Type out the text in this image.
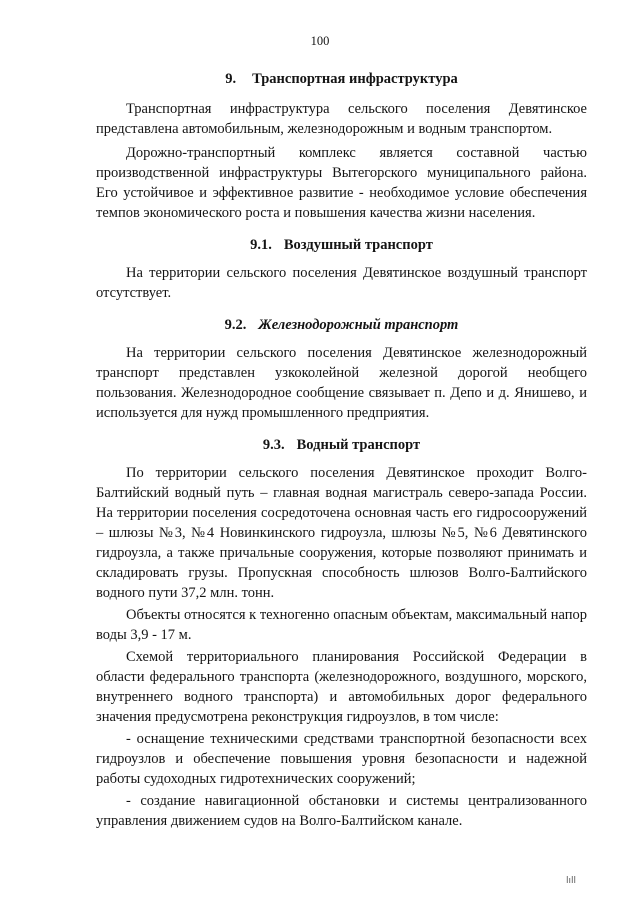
100
9. Транспортная инфраструктура

Транспортная инфраструктура сельского поселения Девятинское представлена автомобильным, железнодорожным и водным транспортом.

Дорожно-транспортный комплекс является составной частью производственной инфраструктуры Вытегорского муниципального района. Его устойчивое и эффективное развитие - необходимое условие обеспечения темпов экономического роста и повышения качества жизни населения.

9.1. Воздушный транспорт

На территории сельского поселения Девятинское воздушный транспорт отсутствует.

9.2. Железнодорожный транспорт

На территории сельского поселения Девятинское железнодорожный транспорт представлен узкоколейной железной дорогой необщего пользования. Железнодородное сообщение связывает п. Депо и д. Янишево, и используется для нужд промышленного предприятия.

9.3. Водный транспорт

По территории сельского поселения Девятинское проходит Волго-Балтийский водный путь – главная водная магистраль северо-запада России. На территории поселения сосредоточена основная часть его гидросооружений – шлюзы №3, №4 Новинкинского гидроузла, шлюзы №5, №6 Девятинского гидроузла, а также причальные сооружения, которые позволяют принимать и складировать грузы. Пропускная способность шлюзов Волго-Балтийского водного пути 37,2 млн. тонн.

Объекты относятся к техногенно опасным объектам, максимальный напор воды 3,9 - 17 м.

Схемой территориального планирования Российской Федерации в области федерального транспорта (железнодорожного, воздушного, морского, внутреннего водного транспорта) и автомобильных дорог федерального значения предусмотрена реконструкция гидроузлов, в том числе:

- оснащение техническими средствами транспортной безопасности всех гидроузлов и обеспечение повышения уровня безопасности и надежной работы судоходных гидротехнических сооружений;

- создание навигационной обстановки и системы централизованного управления движением судов на Волго-Балтийском канале.

lıll
